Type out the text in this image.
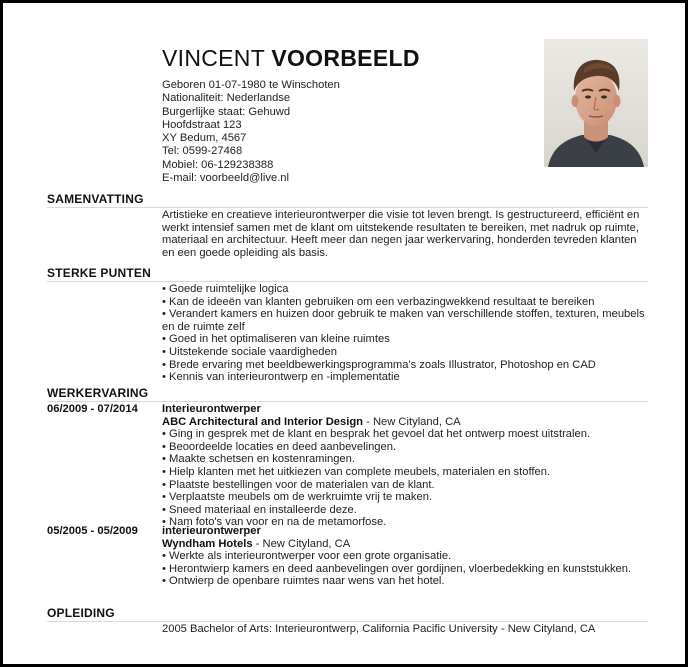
VINCENT VOORBEELD
Geboren 01-07-1980 te Winschoten
Nationaliteit: Nederlandse
Burgerlijke staat: Gehuwd
Hoofdstraat 123
XY Bedum, 4567
Tel: 0599-27468
Mobiel: 06-129238388
E-mail: voorbeeld@live.nl
SAMENVATTING
Artistieke en creatieve interieurontwerper die visie tot leven brengt. Is gestructureerd, efficiënt en werkt intensief samen met de klant om uitstekende resultaten te bereiken, met nadruk op ruimte, materiaal en architectuur. Heeft meer dan negen jaar werkervaring, honderden tevreden klanten en een goede opleiding als basis.
STERKE PUNTEN
• Goede ruimtelijke logica
• Kan de ideeën van klanten gebruiken om een verbazingwekkend resultaat te bereiken
• Verandert kamers en huizen door gebruik te maken van verschillende stoffen, texturen, meubels en de ruimte zelf
• Goed in het optimaliseren van kleine ruimtes
• Uitstekende sociale vaardigheden
• Brede ervaring met beeldbewerkingsprogramma's zoals Illustrator, Photoshop en CAD
• Kennis van interieurontwerp en -implementatie
WERKERVARING
06/2009 - 07/2014 Interieurontwerper
ABC Architectural and Interior Design - New Cityland, CA
• Ging in gesprek met de klant en besprak het gevoel dat het ontwerp moest uitstralen.
• Beoordeelde locaties en deed aanbevelingen.
• Maakte schetsen en kostenramingen.
• Hielp klanten met het uitkiezen van complete meubels, materialen en stoffen.
• Plaatste bestellingen voor de materialen van de klant.
• Verplaatste meubels om de werkruimte vrij te maken.
• Sneed materiaal en installeerde deze.
• Nam foto's van voor en na de metamorfose.
05/2005 - 05/2009 interieurontwerper
Wyndham Hotels - New Cityland, CA
• Werkte als interieurontwerper voor een grote organisatie.
• Herontwierp kamers en deed aanbevelingen over gordijnen, vloerbedekking en kunststukken.
• Ontwierp de openbare ruimtes naar wens van het hotel.
OPLEIDING
2005 Bachelor of Arts: Interieurontwerp, California Pacific University - New Cityland, CA
